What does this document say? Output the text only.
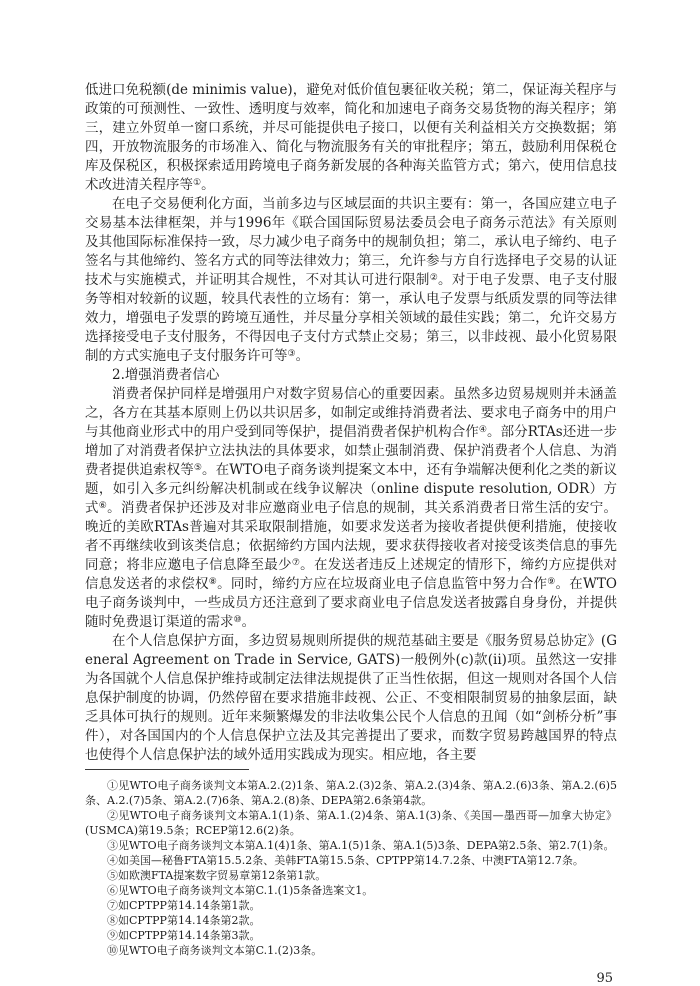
低进口免税额(de minimis value)，避免对低价值包裹征收关税；第二，保证海关程序与政策的可预测性、一致性、透明度与效率，简化和加速电子商务交易货物的海关程序；第三，建立外贸单一窗口系统，并尽可能提供电子接口，以便有关利益相关方交换数据；第四，开放物流服务的市场准入、简化与物流服务有关的审批程序；第五，鼓励利用保税仓库及保税区，积极探索适用跨境电子商务新发展的各种海关监管方式；第六，使用信息技术改进清关程序等①。

在电子交易便利化方面，当前多边与区域层面的共识主要有：第一，各国应建立电子交易基本法律框架，并与1996年《联合国国际贸易法委员会电子商务示范法》有关原则及其他国际标准保持一致，尽力减少电子商务中的规制负担；第二，承认电子缔约、电子签名与其他缔约、签名方式的同等法律效力；第三，允许参与方自行选择电子交易的认证技术与实施模式，并证明其合规性，不对其认可进行限制②。对于电子发票、电子支付服务等相对较新的议题，较具代表性的立场有：第一，承认电子发票与纸质发票的同等法律效力，增强电子发票的跨境互通性，并尽量分享相关领域的最佳实践；第二，允许交易方选择接受电子支付服务，不得因电子支付方式禁止交易；第三，以非歧视、最小化贸易限制的方式实施电子支付服务许可等③。

2.增强消费者信心

消费者保护同样是增强用户对数字贸易信心的重要因素。虽然多边贸易规则并未涵盖之，各方在其基本原则上仍以共识居多，如制定或维持消费者法、要求电子商务中的用户与其他商业形式中的用户受到同等保护，提倡消费者保护机构合作④。部分RTAs还进一步增加了对消费者保护立法执法的具体要求，如禁止强制消费、保护消费者个人信息、为消费者提供追索权等⑤。在WTO电子商务谈判提案文本中，还有争端解决便利化之类的新议题，如引入多元纠纷解决机制或在线争议解决（online dispute resolution, ODR）方式⑥。消费者保护还涉及对非应邀商业电子信息的规制，其关系消费者日常生活的安宁。晚近的美欧RTAs普遍对其采取限制措施，如要求发送者为接收者提供便利措施，使接收者不再继续收到该类信息；依据缔约方国内法规，要求获得接收者对接受该类信息的事先同意；将非应邀电子信息降至最少⑦。在发送者违反上述规定的情形下，缔约方应提供对信息发送者的求偿权⑧。同时，缔约方应在垃圾商业电子信息监管中努力合作⑨。在WTO电子商务谈判中，一些成员方还注意到了要求商业电子信息发送者披露自身身份，并提供随时免费退订渠道的需求⑩。

在个人信息保护方面，多边贸易规则所提供的规范基础主要是《服务贸易总协定》(General Agreement on Trade in Service, GATS)一般例外(c)款(ii)项。虽然这一安排为各国就个人信息保护维持或制定法律法规提供了正当性依据，但这一规则对各国个人信息保护制度的协调，仍然停留在要求措施非歧视、公正、不变相限制贸易的抽象层面，缺乏具体可执行的规则。近年来频繁爆发的非法收集公民个人信息的丑闻（如“剑桥分析”事件），对各国国内的个人信息保护立法及其完善提出了要求，而数字贸易跨越国界的特点也使得个人信息保护法的域外适用实践成为现实。相应地，各主要

①见WTO电子商务谈判文本第A.2.(2)1条、第A.2.(3)2条、第A.2.(3)4条、第A.2.(6)3条、第A.2.(6)5条、A.2.(7)5条、第A.2.(7)6条、第A.2.(8)条、DEPA第2.6条第4款。

②见WTO电子商务谈判文本第A.1(1)条、第A.1.(2)4条、第A.1(3)条、《美国—墨西哥—加拿大协定》(USMCA)第19.5条；RCEP第12.6(2)条。

③见WTO电子商务谈判文本第A.1(4)1条、第A.1(5)1条、第A.1(5)3条、DEPA第2.5条、第2.7(1)条。

④如美国—秘鲁FTA第15.5.2条、美韩FTA第15.5条、CPTPP第14.7.2条、中澳FTA第12.7条。

⑤如欧澳FTA提案数字贸易章第12条第1款。

⑥见WTO电子商务谈判文本第C.1.(1)5条备选案文1。

⑦如CPTPP第14.14条第1款。

⑧如CPTPP第14.14条第2款。

⑨如CPTPP第14.14条第3款。

⑩见WTO电子商务谈判文本第C.1.(2)3条。

95
